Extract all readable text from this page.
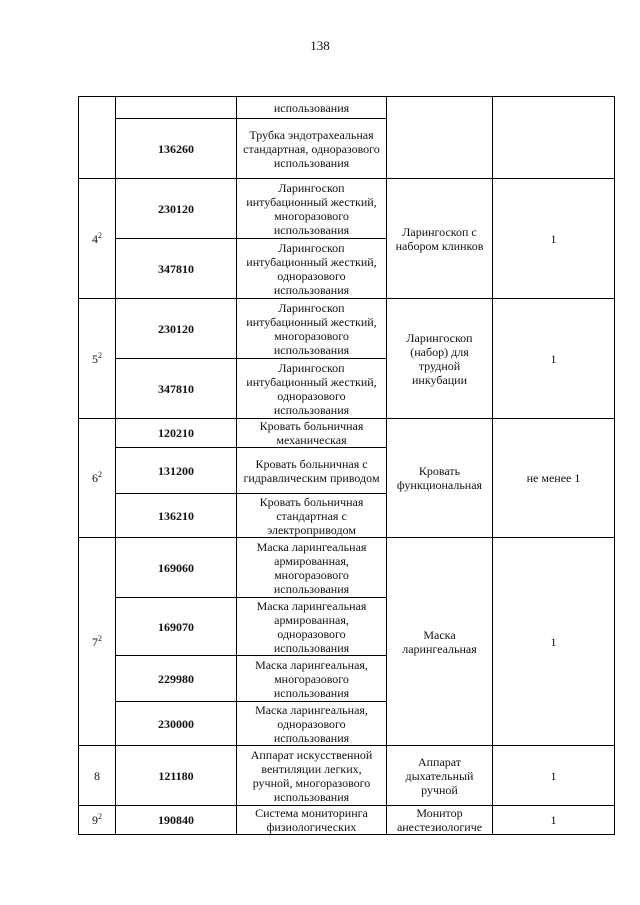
138
		использования		
	136260	Трубка эндотрахеальная стандартная, одноразового использования		
$4^2$	230120	Ларингоскоп интубационный жесткий, многоразового использования	Ларингоскоп с набором клинков	1
	347810	Ларингоскоп интубационный жесткий, одноразового использования		
$5^2$	230120	Ларингоскоп интубационный жесткий, многоразового использования	Ларингоскоп (набор) для трудной инкубации	1
	347810	Ларингоскоп интубационный жесткий, одноразового использования		
$6^2$	120210	Кровать больничная механическая	Кровать функциональная	не менее 1
	131200	Кровать больничная с гидравлическим приводом		
	136210	Кровать больничная стандартная с электроприводом		
$7^2$	169060	Маска ларингеальная армированная, многоразового использования	Маска ларингеальная	1
	169070	Маска ларингеальная армированная, одноразового использования		
	229980	Маска ларингеальная, многоразового использования		
	230000	Маска ларингеальная, одноразового использования		
8	121180	Аппарат искусственной вентиляции легких, ручной, многоразового использования	Аппарат дыхательный ручной	1
$9^2$	190840	Система мониторинга физиологических	Монитор анестезиологиче	1
